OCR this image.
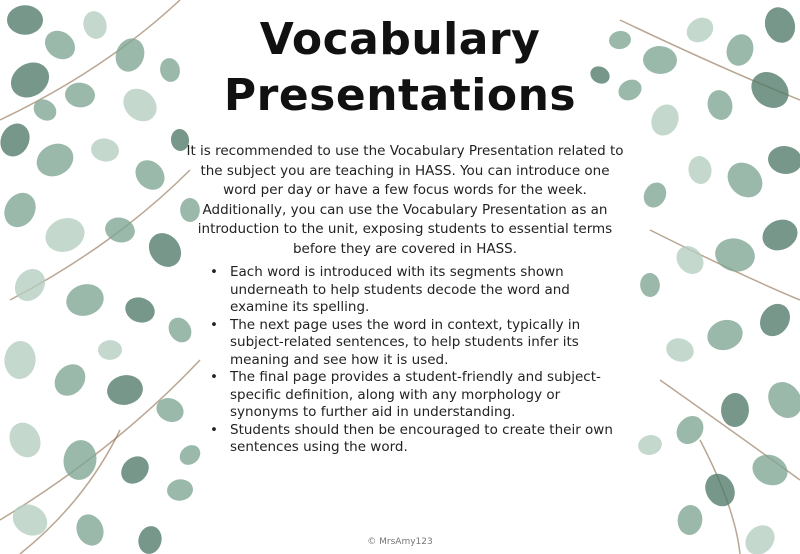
Vocabulary
Presentations
It is recommended to use the Vocabulary Presentation related to the subject you are teaching in HASS. You can introduce one word per day or have a few focus words for the week. Additionally, you can use the Vocabulary Presentation as an introduction to the unit, exposing students to essential terms before they are covered in HASS.
• Each word is introduced with its segments shown underneath to help students decode the word and examine its spelling.
• The next page uses the word in context, typically in subject-related sentences, to help students infer its meaning and see how it is used.
• The final page provides a student-friendly and subject-specific definition, along with any morphology or synonyms to further aid in understanding.
• Students should then be encouraged to create their own sentences using the word.
© MrsAmy123
